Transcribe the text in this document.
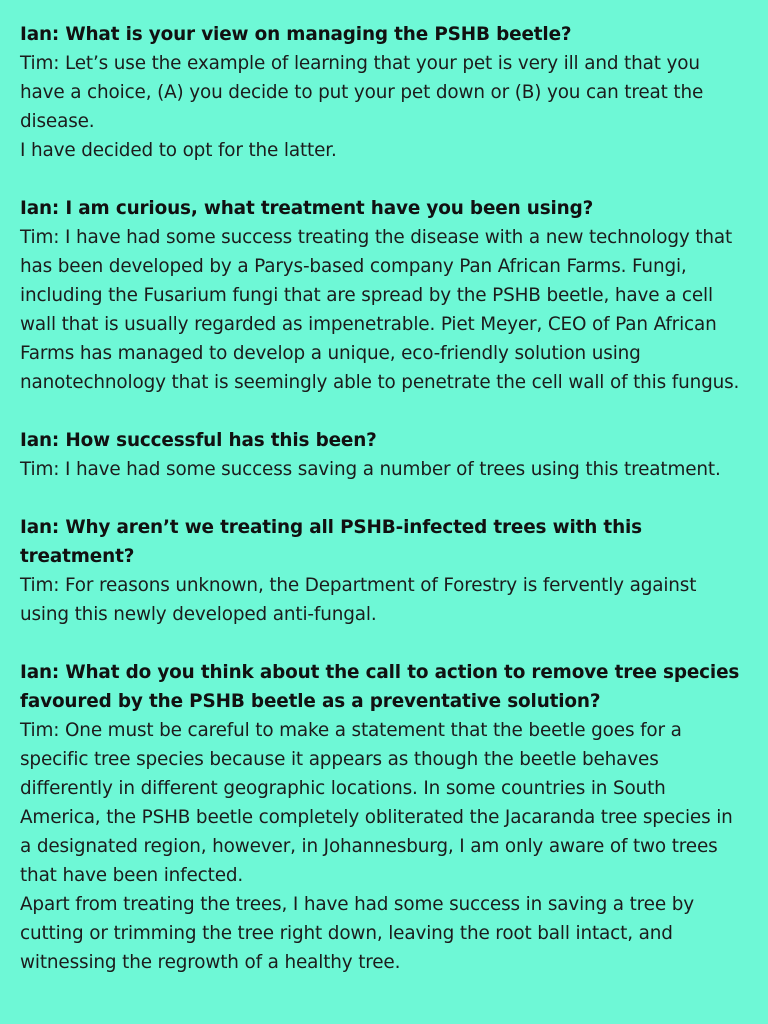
Ian: What is your view on managing the PSHB beetle?

Tim: Let’s use the example of learning that your pet is very ill and that you have a choice, (A) you decide to put your pet down or (B) you can treat the disease.

I have decided to opt for the latter.

Ian: I am curious, what treatment have you been using?

Tim: I have had some success treating the disease with a new technology that has been developed by a Parys-based company Pan African Farms. Fungi, including the Fusarium fungi that are spread by the PSHB beetle, have a cell wall that is usually regarded as impenetrable. Piet Meyer, CEO of Pan African Farms has managed to develop a unique, eco-friendly solution using nanotechnology that is seemingly able to penetrate the cell wall of this fungus.

Ian: How successful has this been?

Tim: I have had some success saving a number of trees using this treatment.

Ian: Why aren’t we treating all PSHB-infected trees with this treatment?

Tim: For reasons unknown, the Department of Forestry is fervently against using this newly developed anti-fungal.

Ian: What do you think about the call to action to remove tree species favoured by the PSHB beetle as a preventative solution?

Tim: One must be careful to make a statement that the beetle goes for a specific tree species because it appears as though the beetle behaves differently in different geographic locations. In some countries in South America, the PSHB beetle completely obliterated the Jacaranda tree species in a designated region, however, in Johannesburg, I am only aware of two trees that have been infected.

Apart from treating the trees, I have had some success in saving a tree by cutting or trimming the tree right down, leaving the root ball intact, and witnessing the regrowth of a healthy tree.
